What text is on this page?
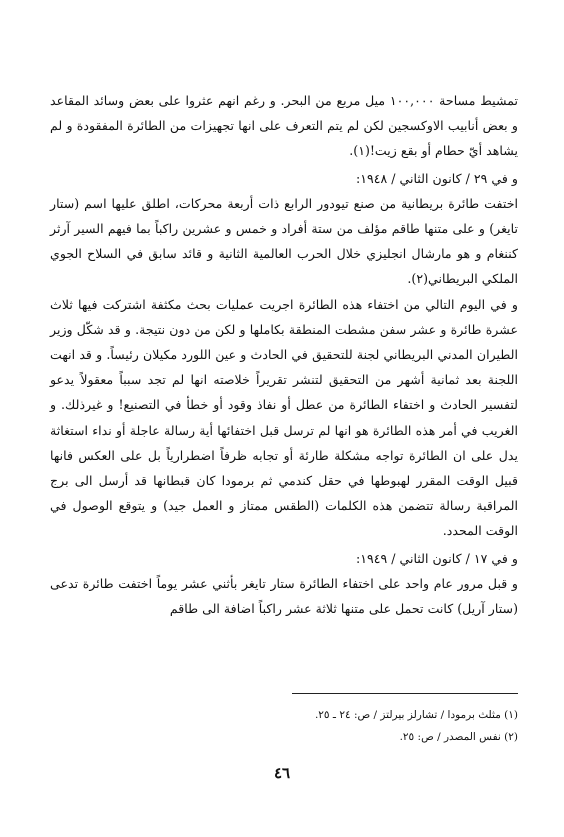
تمشيط مساحة ١٠٠,٠٠٠ ميل مربع من البحر. و رغم انهم عثروا على بعض وسائد المقاعد و بعض أنابيب الاوكسجين لكن لم يتم التعرف على انها تجهيزات من الطائرة المفقودة و لم يشاهد أيّ حطام أو بقع زيت!(١).

و في ٢٩ / كانون الثاني / ١٩٤٨:

اختفت طائرة بريطانية من صنع تيودور الرابع ذات أربعة محركات، اطلق عليها اسم (ستار تايغر) و على متنها طاقم مؤلف من ستة أفراد و خمس و عشرين راكباً بما فيهم السير آرثر كننغام و هو مارشال انجليزي خلال الحرب العالمية الثانية و قائد سابق في السلاح الجوي الملكي البريطاني(٢).

و في اليوم التالي من اختفاء هذه الطائرة اجريت عمليات بحث مكثفة اشتركت فيها ثلاث عشرة طائرة و عشر سفن مشطت المنطقة بكاملها و لكن من دون نتيجة. و قد شكّل وزير الطيران المدني البريطاني لجنة للتحقيق في الحادث و عين اللورد مكيلان رئيساً. و قد انهت اللجنة بعد ثمانية أشهر من التحقيق لتنشر تقريراً خلاصته انها لم تجد سبباً معقولاً يدعو لتفسير الحادث و اختفاء الطائرة من عطل أو نفاذ وقود أو خطأ في التصنيع! و غيرذلك. و الغريب في أمر هذه الطائرة هو انها لم ترسل قبل اختفائها أية رسالة عاجلة أو نداء استغاثة يدل على ان الطائرة تواجه مشكلة طارئة أو تجابه ظرفاً اضطرارياً بل على العكس فانها قبيل الوقت المقرر لهبوطها في حقل كندمي ثم برمودا كان قبطانها قد أرسل الى برج المراقبة رسالة تتضمن هذه الكلمات (الطقس ممتاز و العمل جيد) و يتوقع الوصول في الوقت المحدد.

و في ١٧ / كانون الثاني / ١٩٤٩:

و قبل مرور عام واحد على اختفاء الطائرة ستار تايغر بأثني عشر يوماً اختفت طائرة تدعى (ستار آريل) كانت تحمل على متنها ثلاثة عشر راكباً اضافة الى طاقم

(١) مثلث برمودا / تشارلز بيرلتز / ص: ٢٤ ـ ٢٥.

(٢) نفس المصدر / ص: ٢٥.

٤٦
